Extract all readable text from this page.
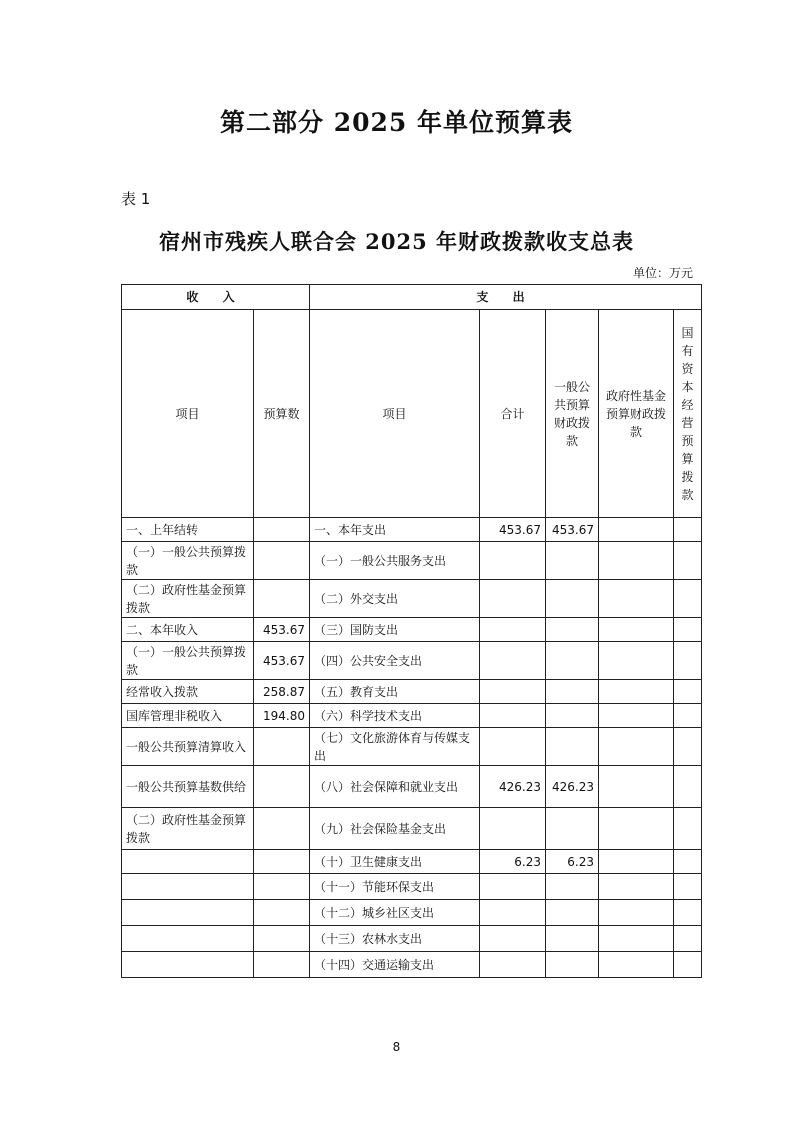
第二部分 2025 年单位预算表
表 1
宿州市残疾人联合会 2025 年财政拨款收支总表
单位：万元
收 入		支 出				
项目	预算数	项目	合计	一般公共预算财政拨款	政府性基金预算财政拨款	国有资本经营预算拨款
一、上年结转		一、本年支出	453.67	453.67		
（一）一般公共预算拨款		（一）一般公共服务支出				
（二）政府性基金预算拨款		（二）外交支出				
二、本年收入	453.67	（三）国防支出				
（一）一般公共预算拨款	453.67	（四）公共安全支出				
经常收入拨款	258.87	（五）教育支出				
国库管理非税收入	194.80	（六）科学技术支出				
一般公共预算清算收入		（七）文化旅游体育与传媒支出				
一般公共预算基数供给		（八）社会保障和就业支出	426.23	426.23		
（二）政府性基金预算拨款		（九）社会保险基金支出				
		（十）卫生健康支出	6.23	6.23		
		（十一）节能环保支出				
		（十二）城乡社区支出				
		（十三）农林水支出				
		（十四）交通运输支出				
8
